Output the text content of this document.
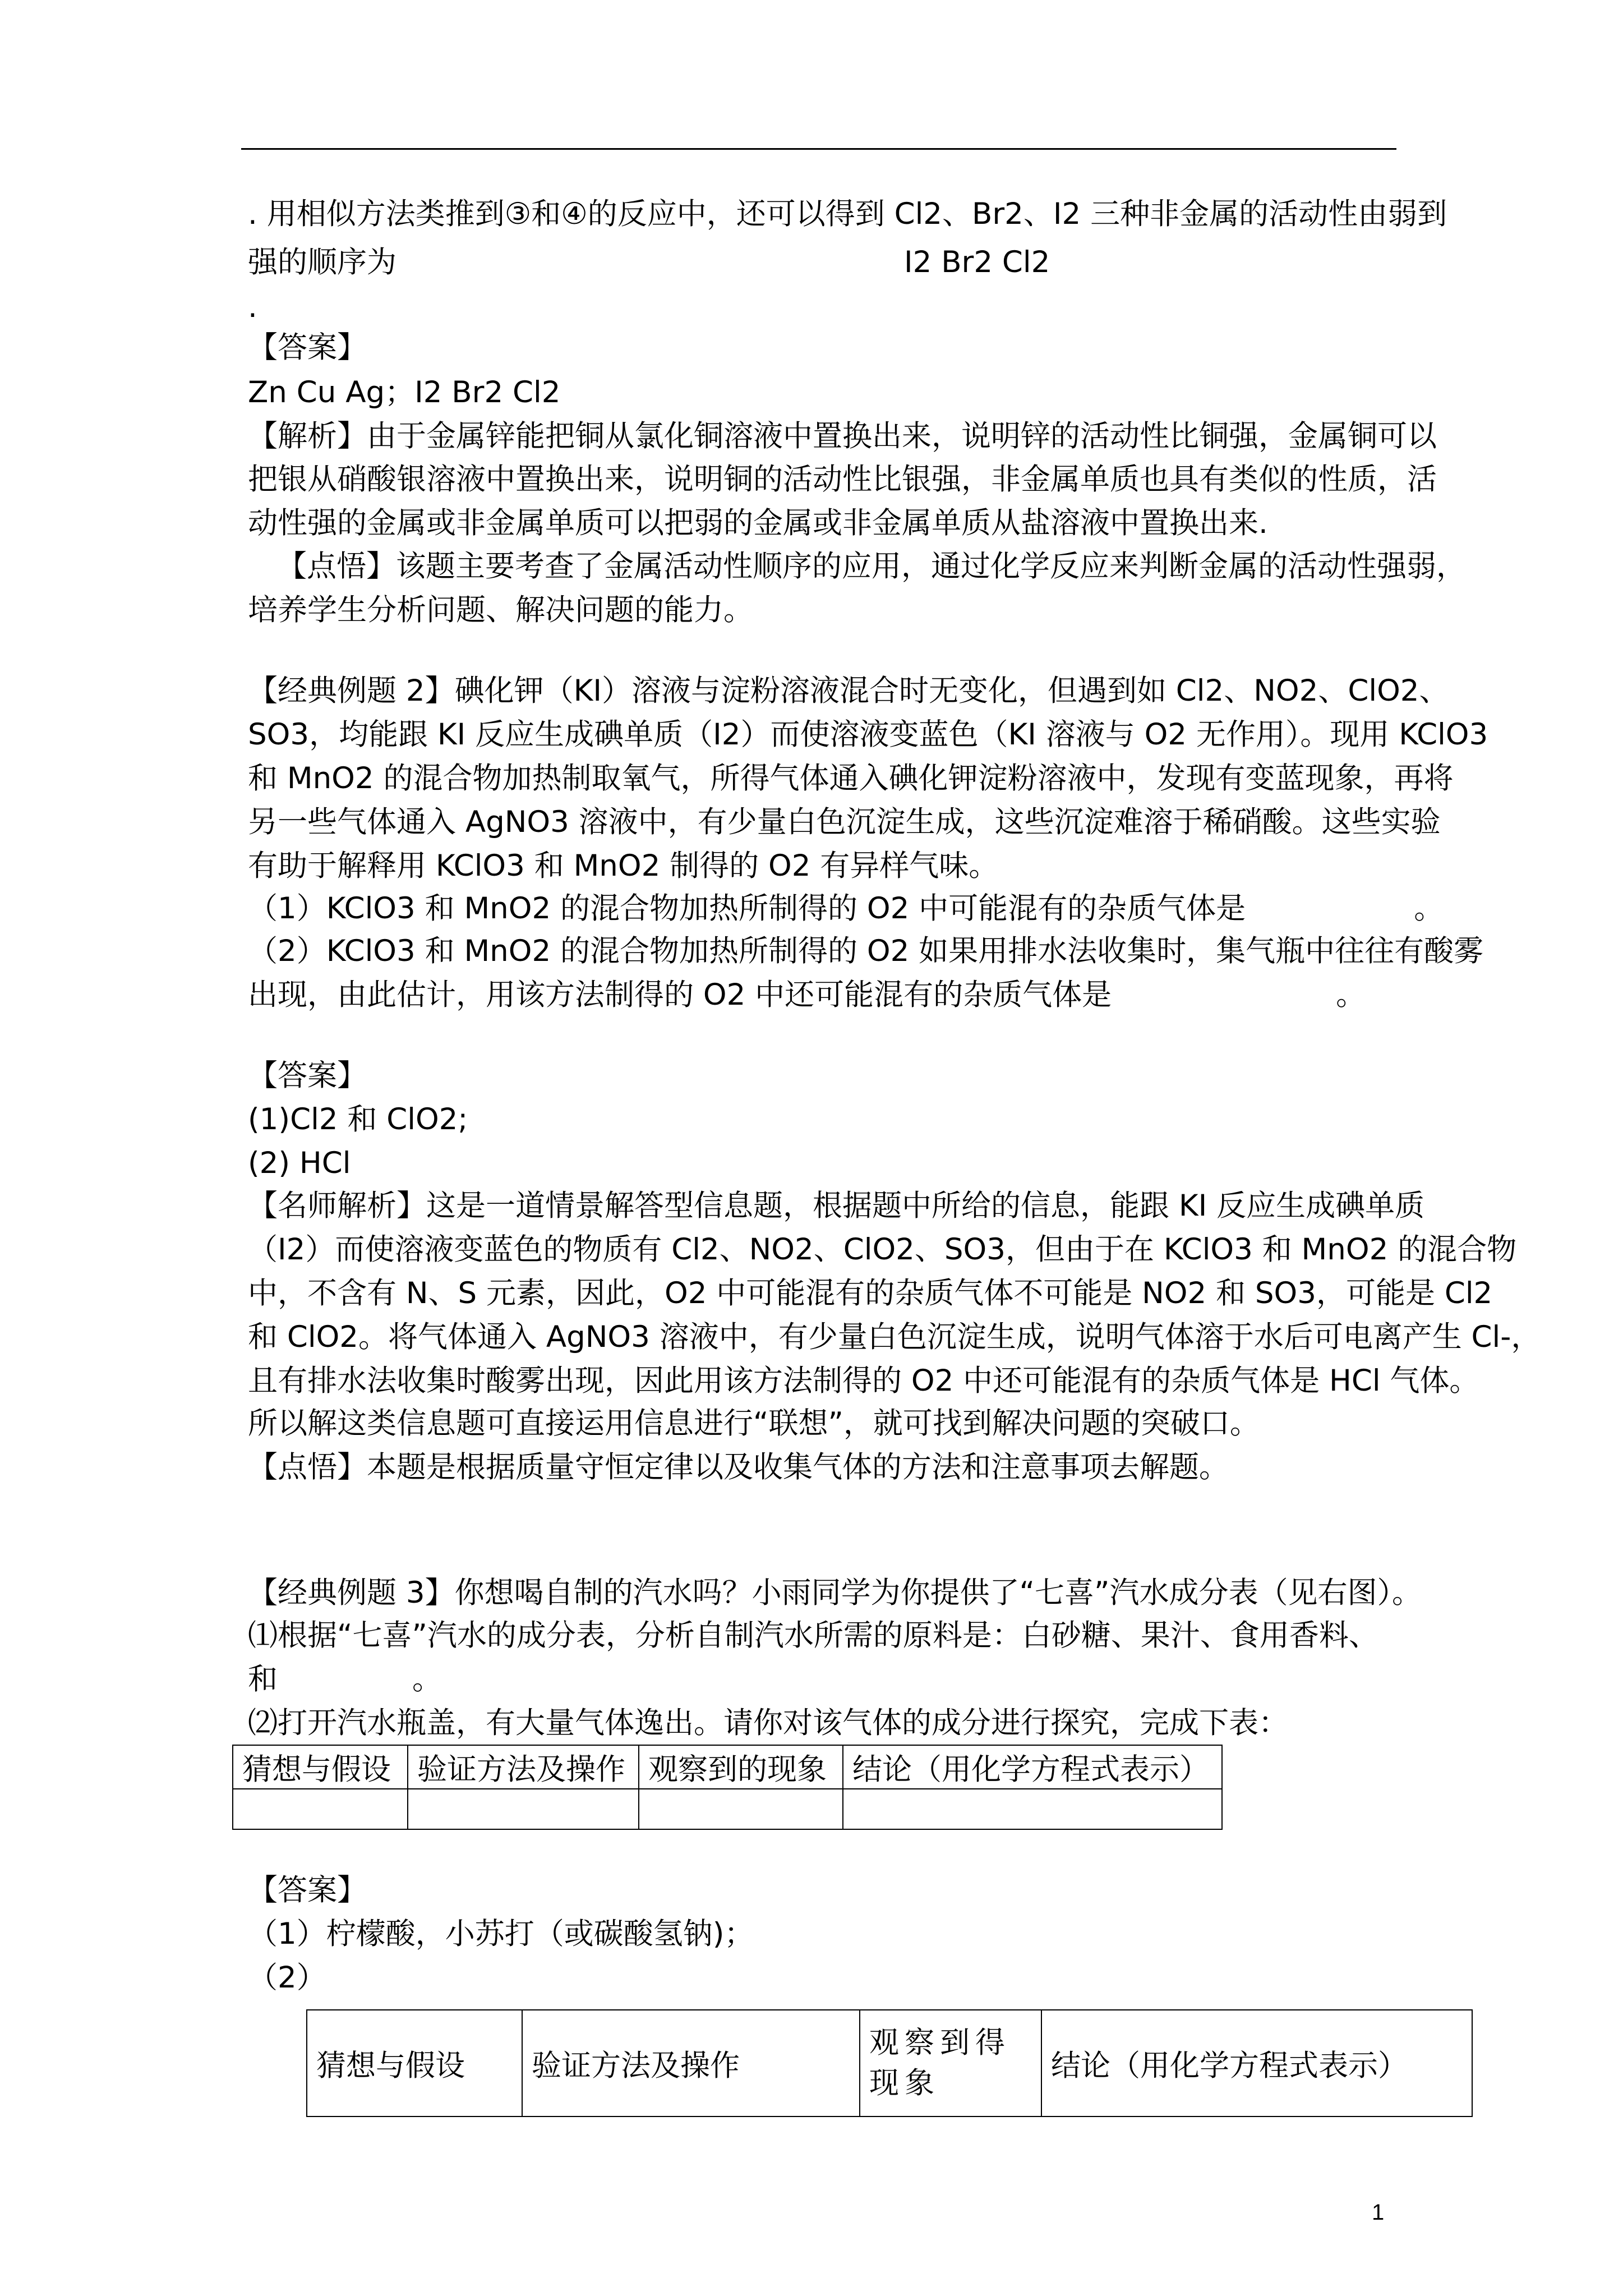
. 用相似方法类推到③和④的反应中，还可以得到 Cl2、Br2、I2 三种非金属的活动性由弱到
强的顺序为	I2 Br2 Cl2
.
【答案】
Zn Cu Ag；I2 Br2 Cl2
【解析】由于金属锌能把铜从氯化铜溶液中置换出来，说明锌的活动性比铜强，金属铜可以
把银从硝酸银溶液中置换出来，说明铜的活动性比银强，非金属单质也具有类似的性质，活
动性强的金属或非金属单质可以把弱的金属或非金属单质从盐溶液中置换出来.
【点悟】该题主要考查了金属活动性顺序的应用，通过化学反应来判断金属的活动性强弱，
培养学生分析问题、解决问题的能力。
【经典例题 2】碘化钾（KI）溶液与淀粉溶液混合时无变化，但遇到如 Cl2、NO2、ClO2、
SO3，均能跟 KI 反应生成碘单质（I2）而使溶液变蓝色（KI 溶液与 O2 无作用）。现用 KClO3
和 MnO2 的混合物加热制取氧气，所得气体通入碘化钾淀粉溶液中，发现有变蓝现象，再将
另一些气体通入 AgNO3 溶液中，有少量白色沉淀生成，这些沉淀难溶于稀硝酸。这些实验
有助于解释用 KClO3 和 MnO2 制得的 O2 有异样气味。
（1）KClO3 和 MnO2 的混合物加热所制得的 O2 中可能混有的杂质气体是	。
（2）KClO3 和 MnO2 的混合物加热所制得的 O2 如果用排水法收集时，集气瓶中往往有酸雾
出现，由此估计，用该方法制得的 O2 中还可能混有的杂质气体是	。
【答案】
(1)Cl2 和 ClO2;
(2) HCl
【名师解析】这是一道情景解答型信息题，根据题中所给的信息，能跟 KI 反应生成碘单质
（I2）而使溶液变蓝色的物质有 Cl2、NO2、ClO2、SO3，但由于在 KClO3 和 MnO2 的混合物
中，不含有 N、S 元素，因此，O2 中可能混有的杂质气体不可能是 NO2 和 SO3，可能是 Cl2
和 ClO2。将气体通入 AgNO3 溶液中，有少量白色沉淀生成，说明气体溶于水后可电离产生 Cl-，
且有排水法收集时酸雾出现，因此用该方法制得的 O2 中还可能混有的杂质气体是 HCl 气体。
所以解这类信息题可直接运用信息进行“联想”，就可找到解决问题的突破口。
【点悟】本题是根据质量守恒定律以及收集气体的方法和注意事项去解题。
【经典例题 3】你想喝自制的汽水吗？小雨同学为你提供了“七喜”汽水成分表（见右图）。
⑴根据“七喜”汽水的成分表，分析自制汽水所需的原料是：白砂糖、果汁、食用香料、
和	。
⑵打开汽水瓶盖，有大量气体逸出。请你对该气体的成分进行探究，完成下表：
猜想与假设	验证方法及操作	观察到的现象	结论（用化学方程式表示）

【答案】
（1）柠檬酸，小苏打（或碳酸氢钠)；
（2）
猜想与假设	验证方法及操作	观察到得现象	结论（用化学方程式表示）
1
